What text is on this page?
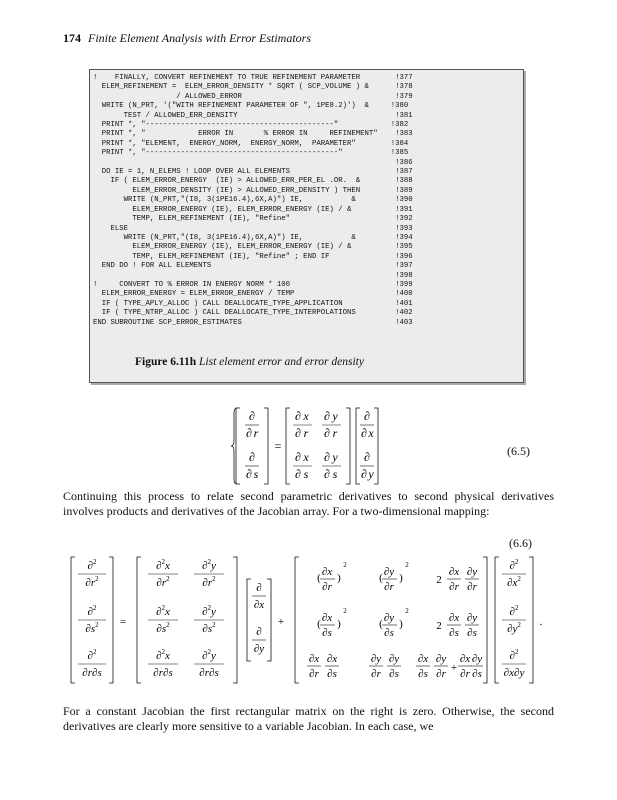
174 Finite Element Analysis with Error Estimators
!    FINALLY, CONVERT REFINEMENT TO TRUE REFINEMENT PARAMETER        !377
ELEM_REFINEMENT =  ELEM_ERROR_DENSITY * SQRT ( SCP_VOLUME ) &      !378
/ ALLOWED_ERROR                                   !379
WRITE (N_PRT, '("WITH REFINEMENT PARAMETER OF ", 1PE8.2)')  &     !380
TEST / ALLOWED_ERR_DENSITY                                    !381
PRINT *, "-------------------------------------------"            !382
PRINT *, "            ERROR IN       % ERROR IN     REFINEMENT"    !383
PRINT *, "ELEMENT,  ENERGY_NORM,  ENERGY_NORM,  PARAMETER"        !384
PRINT *, "--------------------------------------------"           !385
!386
DO IE = 1, N_ELEMS ! LOOP OVER ALL ELEMENTS                        !387
IF ( ELEM_ERROR_ENERGY  (IE) > ALLOWED_ERR_PER_EL .OR.  &        !388
ELEM_ERROR_DENSITY (IE) > ALLOWED_ERR_DENSITY ) THEN        !389
WRITE (N_PRT,"(I8, 3(1PE16.4),6X,A)") IE,           &         !390
ELEM_ERROR_ENERGY (IE), ELEM_ERROR_ENERGY (IE) / &          !391
TEMP, ELEM_REFINEMENT (IE), "Refine"                        !392
ELSE                                                             !393
WRITE (N_PRT,"(I8, 3(1PE16.4),6X,A)") IE,           &         !394
ELEM_ERROR_ENERGY (IE), ELEM_ERROR_ENERGY (IE) / &          !395
TEMP, ELEM_REFINEMENT (IE), "Refine" ; END IF               !396
END DO ! FOR ALL ELEMENTS                                          !397
!398
!     CONVERT TO % ERROR IN ENERGY NORM * 100                        !399
ELEM_ERROR_ENERGY = ELEM_ERROR_ENERGY / TEMP                       !400
IF ( TYPE_APLY_ALLOC ) CALL DEALLOCATE_TYPE_APPLICATION            !401
IF ( TYPE_NTRP_ALLOC ) CALL DEALLOCATE_TYPE_INTERPOLATIONS         !402
END SUBROUTINE SCP_ERROR_ESTIMATES                                   !403

Figure 6.11h List element error and error density
∂
∂ r
∂
∂ s
=
∂ x
∂ r
∂ y
∂ r
∂ x
∂ s
∂ y
∂ s
∂
∂ x
∂
∂ y
(6.5)
Continuing this process to relate second parametric derivatives to second physical derivatives involves products and derivatives of the Jacobian array. For a two-dimensional mapping:
(6.6)
∂$^2$
$\partial r^2$
∂$^2$
$\partial s^2$
∂$^2$
∂r∂s
=
∂$^2$x
$\partial r^2$
∂$^2$y
$\partial r^2$
∂$^2$x
$\partial s^2$
∂$^2$y
$\partial s^2$
∂$^2$x
∂r∂s
∂$^2$y
∂r∂s
∂
∂x
∂
∂y
+
( ∂x
∂r
)
2
( ∂y
∂r
)
2
2
∂x
∂r
∂y
∂r
( ∂x
∂s
)
2
( ∂y
∂s
)
2
2
∂x
∂s
∂y
∂s
∂x
∂r
∂x
∂s
∂y
∂r
∂y
∂s
∂x
∂s
∂y
∂r +
∂x
∂r
∂y
∂s
∂$^2$
$\partial x^2$
∂$^2$
$\partial y^2$
∂$^2$
∂x∂y
.
For a constant Jacobian the first rectangular matrix on the right is zero. Otherwise, the second derivatives are clearly more sensitive to a variable Jacobian. In each case, we
